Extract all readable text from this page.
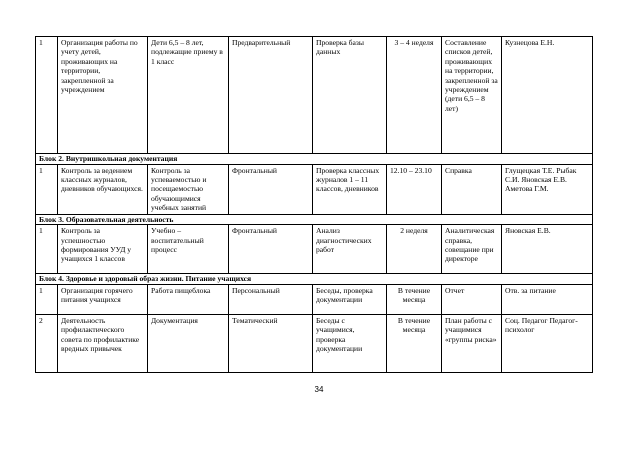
1	Организация работы по учету детей, проживающих на территории, закрепленной за учреждением	Дети 6,5 – 8 лет, подлежащие приему в 1 класс	Предварительный	Проверка базы данных	3 – 4 неделя	Составление списков детей, проживающих на территории, закрепленной за учреждением (дети 6,5 – 8 лет)	Кузнецова Е.Н.
Блок 2. Внутришкольная документация							
1	Контроль за ведением классных журналов, дневников обучающихся.	Контроль за успеваемостью и посещаемостью обучающимися учебных занятий	Фронтальный	Проверка классных журналов 1 – 11 классов, дневников	12.10 – 23.10	Справка	Глущецкая Т.Е. Рыбак С.И. Яновская Е.В. Аметова Г.М.
Блок 3. Образовательная деятельность							
1	Контроль за успешностью формирования УУД у учащихся 1 классов	Учебно – воспитательный процесс	Фронтальный	Анализ диагностических работ	2 неделя	Аналитическая справка, совещание при директоре	Яновская Е.В.
Блок 4. Здоровье и здоровый образ жизни. Питание учащихся							
1	Организация горячего питания учащихся	Работа пищеблока	Персональный	Беседы, проверка документации	В течение месяца	Отчет	Отв. за питание
2	Деятельность профилактического совета по профилактике вредных привычек	Документация	Тематический	Беседы с учащимися, проверка документации	В течение месяца	План работы с учащимися «группы риска»	Соц. Педагог Педагог-психолог
34
